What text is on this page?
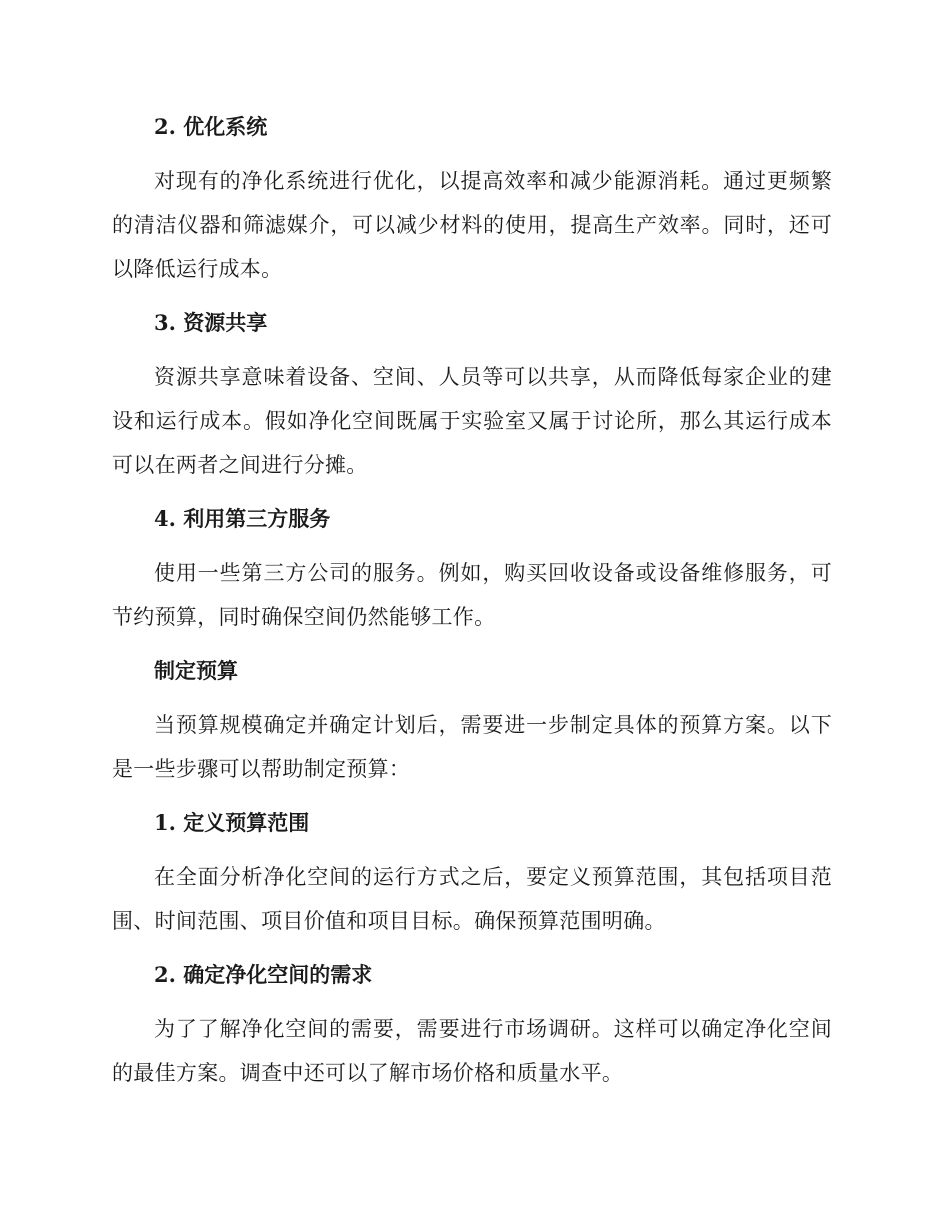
2. 优化系统

对现有的净化系统进行优化，以提高效率和减少能源消耗。通过更频繁的清洁仪器和筛滤媒介，可以减少材料的使用，提高生产效率。同时，还可以降低运行成本。

3. 资源共享

资源共享意味着设备、空间、人员等可以共享，从而降低每家企业的建设和运行成本。假如净化空间既属于实验室又属于讨论所，那么其运行成本可以在两者之间进行分摊。

4. 利用第三方服务

使用一些第三方公司的服务。例如，购买回收设备或设备维修服务，可节约预算，同时确保空间仍然能够工作。

制定预算

当预算规模确定并确定计划后，需要进一步制定具体的预算方案。以下是一些步骤可以帮助制定预算：

1. 定义预算范围

在全面分析净化空间的运行方式之后，要定义预算范围，其包括项目范围、时间范围、项目价值和项目目标。确保预算范围明确。

2. 确定净化空间的需求

为了了解净化空间的需要，需要进行市场调研。这样可以确定净化空间的最佳方案。调查中还可以了解市场价格和质量水平。
